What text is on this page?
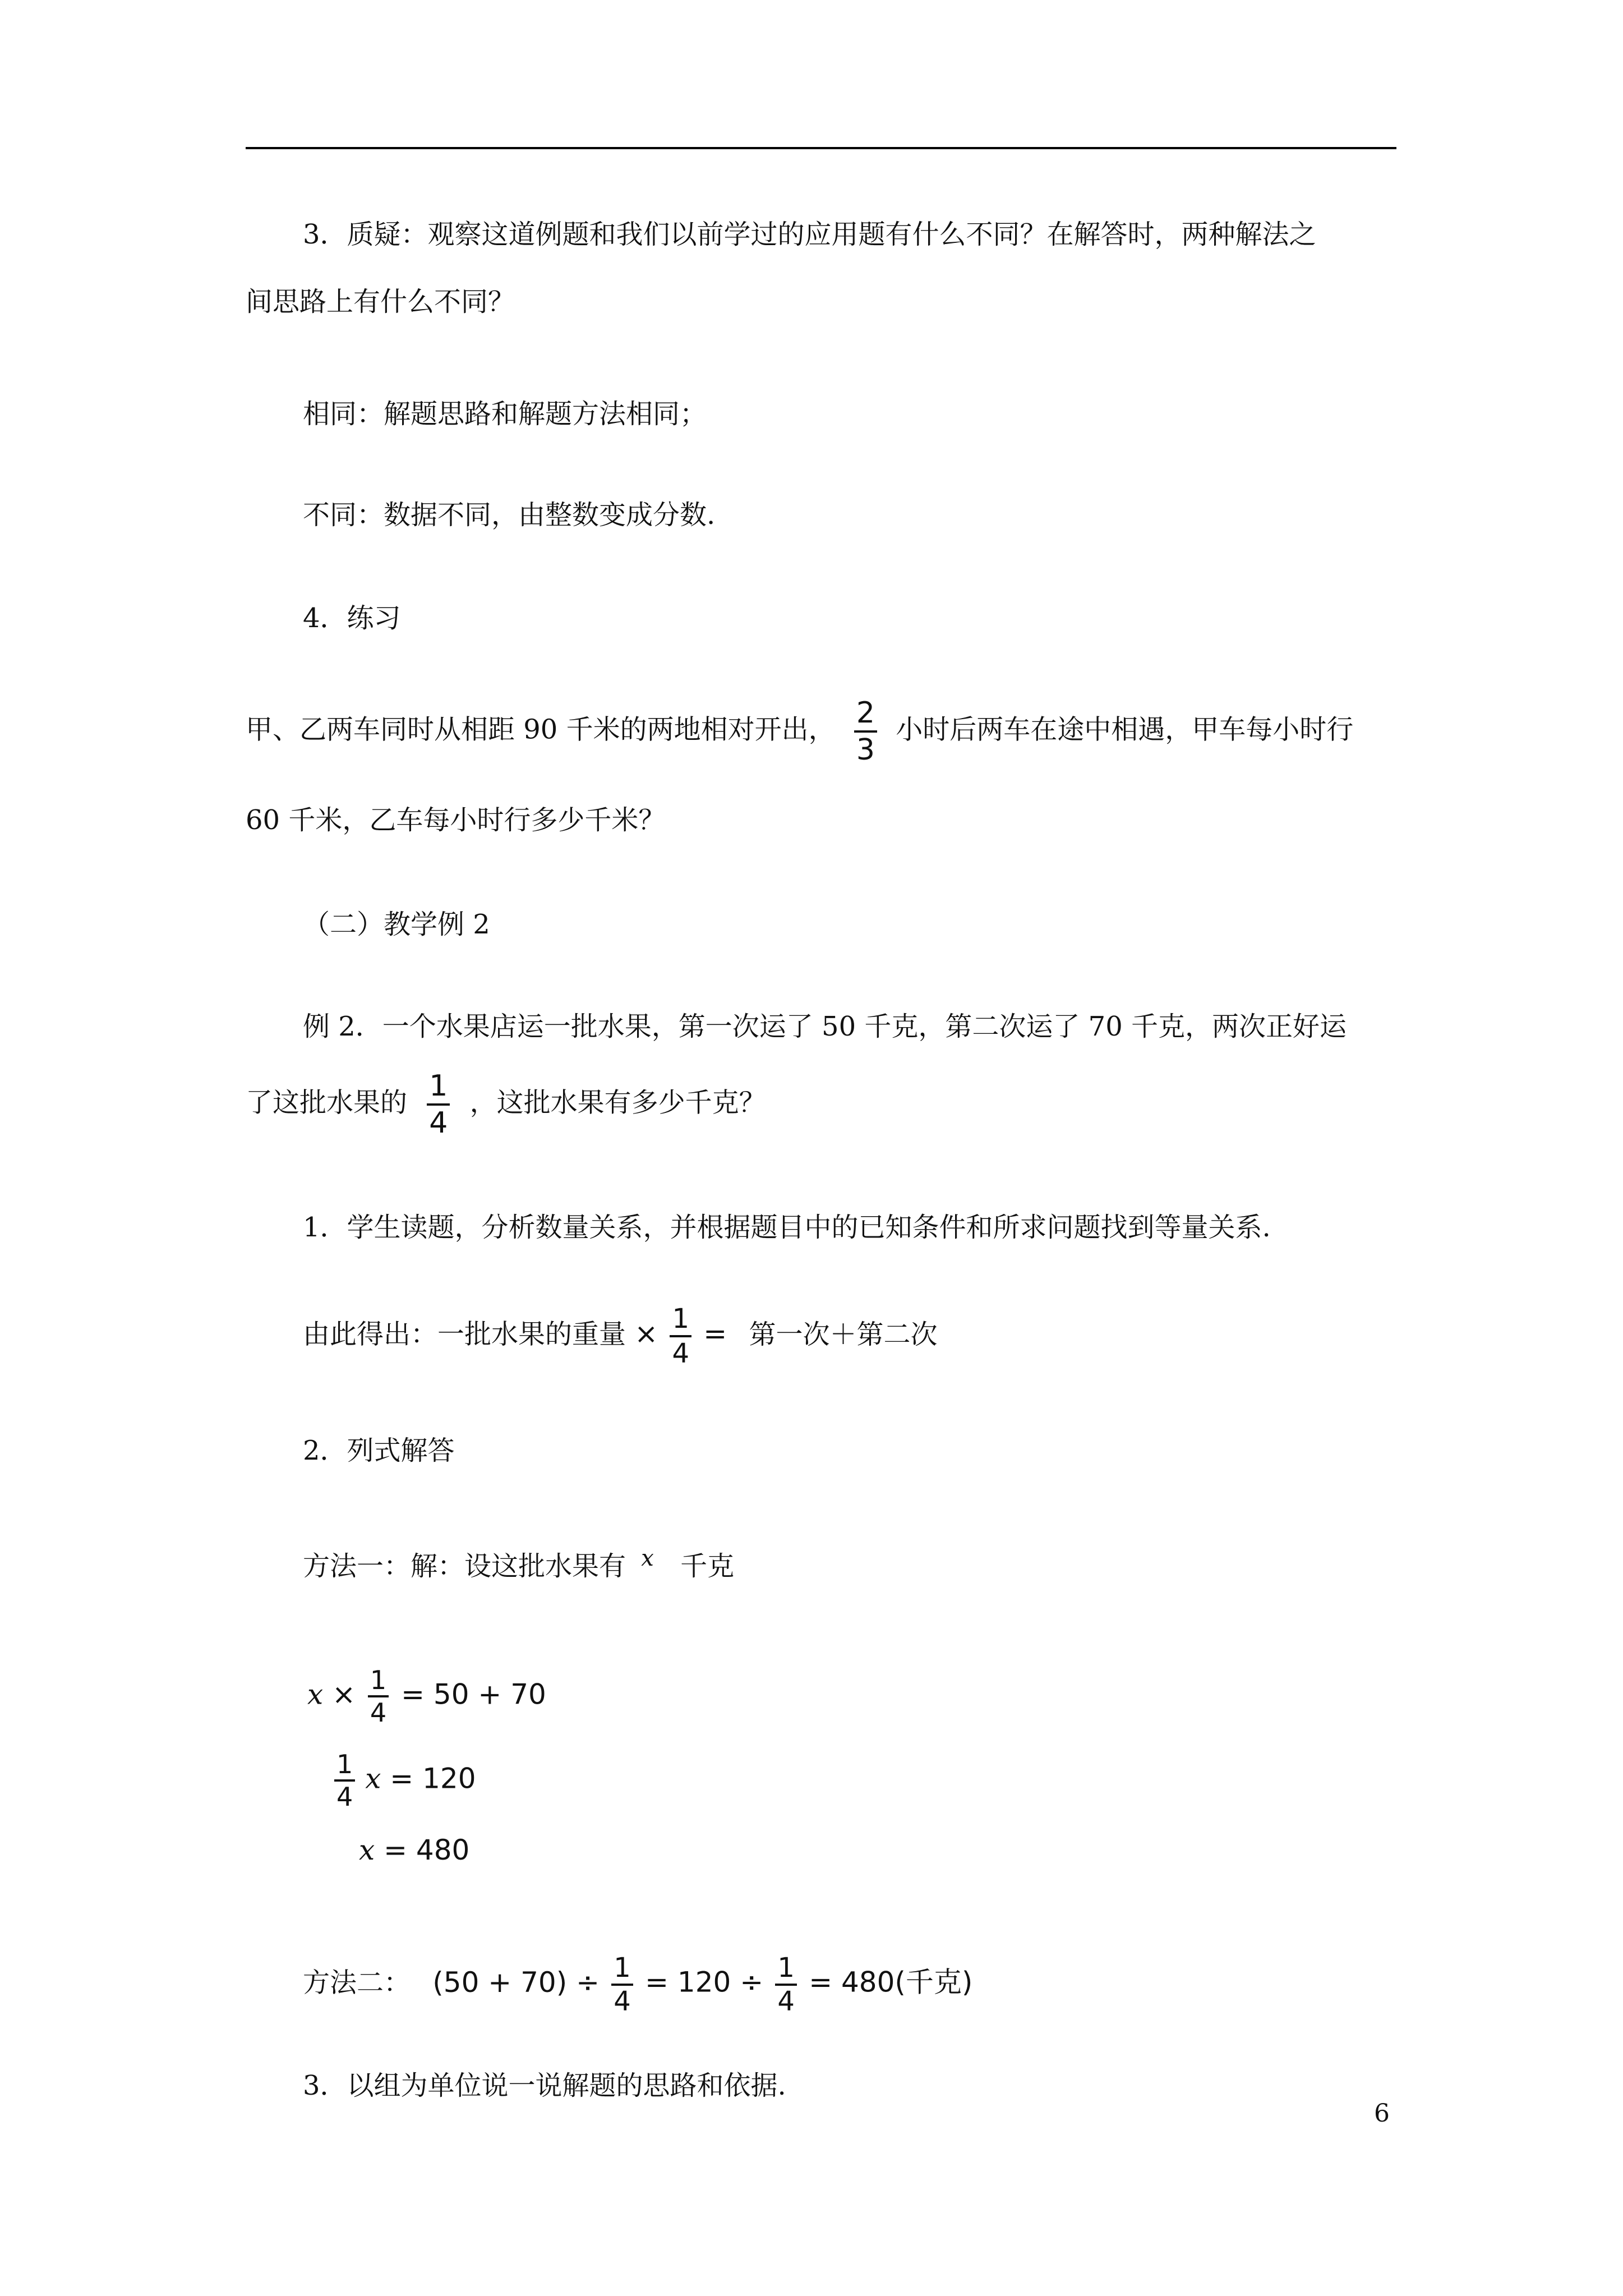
3．质疑：观察这道例题和我们以前学过的应用题有什么不同？在解答时，两种解法之
间思路上有什么不同？
相同：解题思路和解题方法相同；
不同：数据不同，由整数变成分数.
4．练习
甲、乙两车同时从相距 90 千米的两地相对开出， $\frac{2}{3}$ 小时后两车在途中相遇，甲车每小时行
60 千米，乙车每小时行多少千米？
（二）教学例 2
例 2．一个水果店运一批水果，第一次运了 50 千克，第二次运了 70 千克，两次正好运
了这批水果的 $\frac{1}{4}$ ，这批水果有多少千克？
1．学生读题，分析数量关系，并根据题目中的已知条件和所求问题找到等量关系.
由此得出：一批水果的重量 × $\frac{1}{4}$ = 第一次＋第二次
2．列式解答
方法一：解：设这批水果有 $^x$ 千克
$x \times \frac{1}{4} = 50 + 70$
$\frac{1}{4}$ x = 120
x = 480
方法二： $(50 + 70) \div \frac{1}{4} = 120 \div \frac{1}{4} = 480$(千克)
3．以组为单位说一说解题的思路和依据.
6
